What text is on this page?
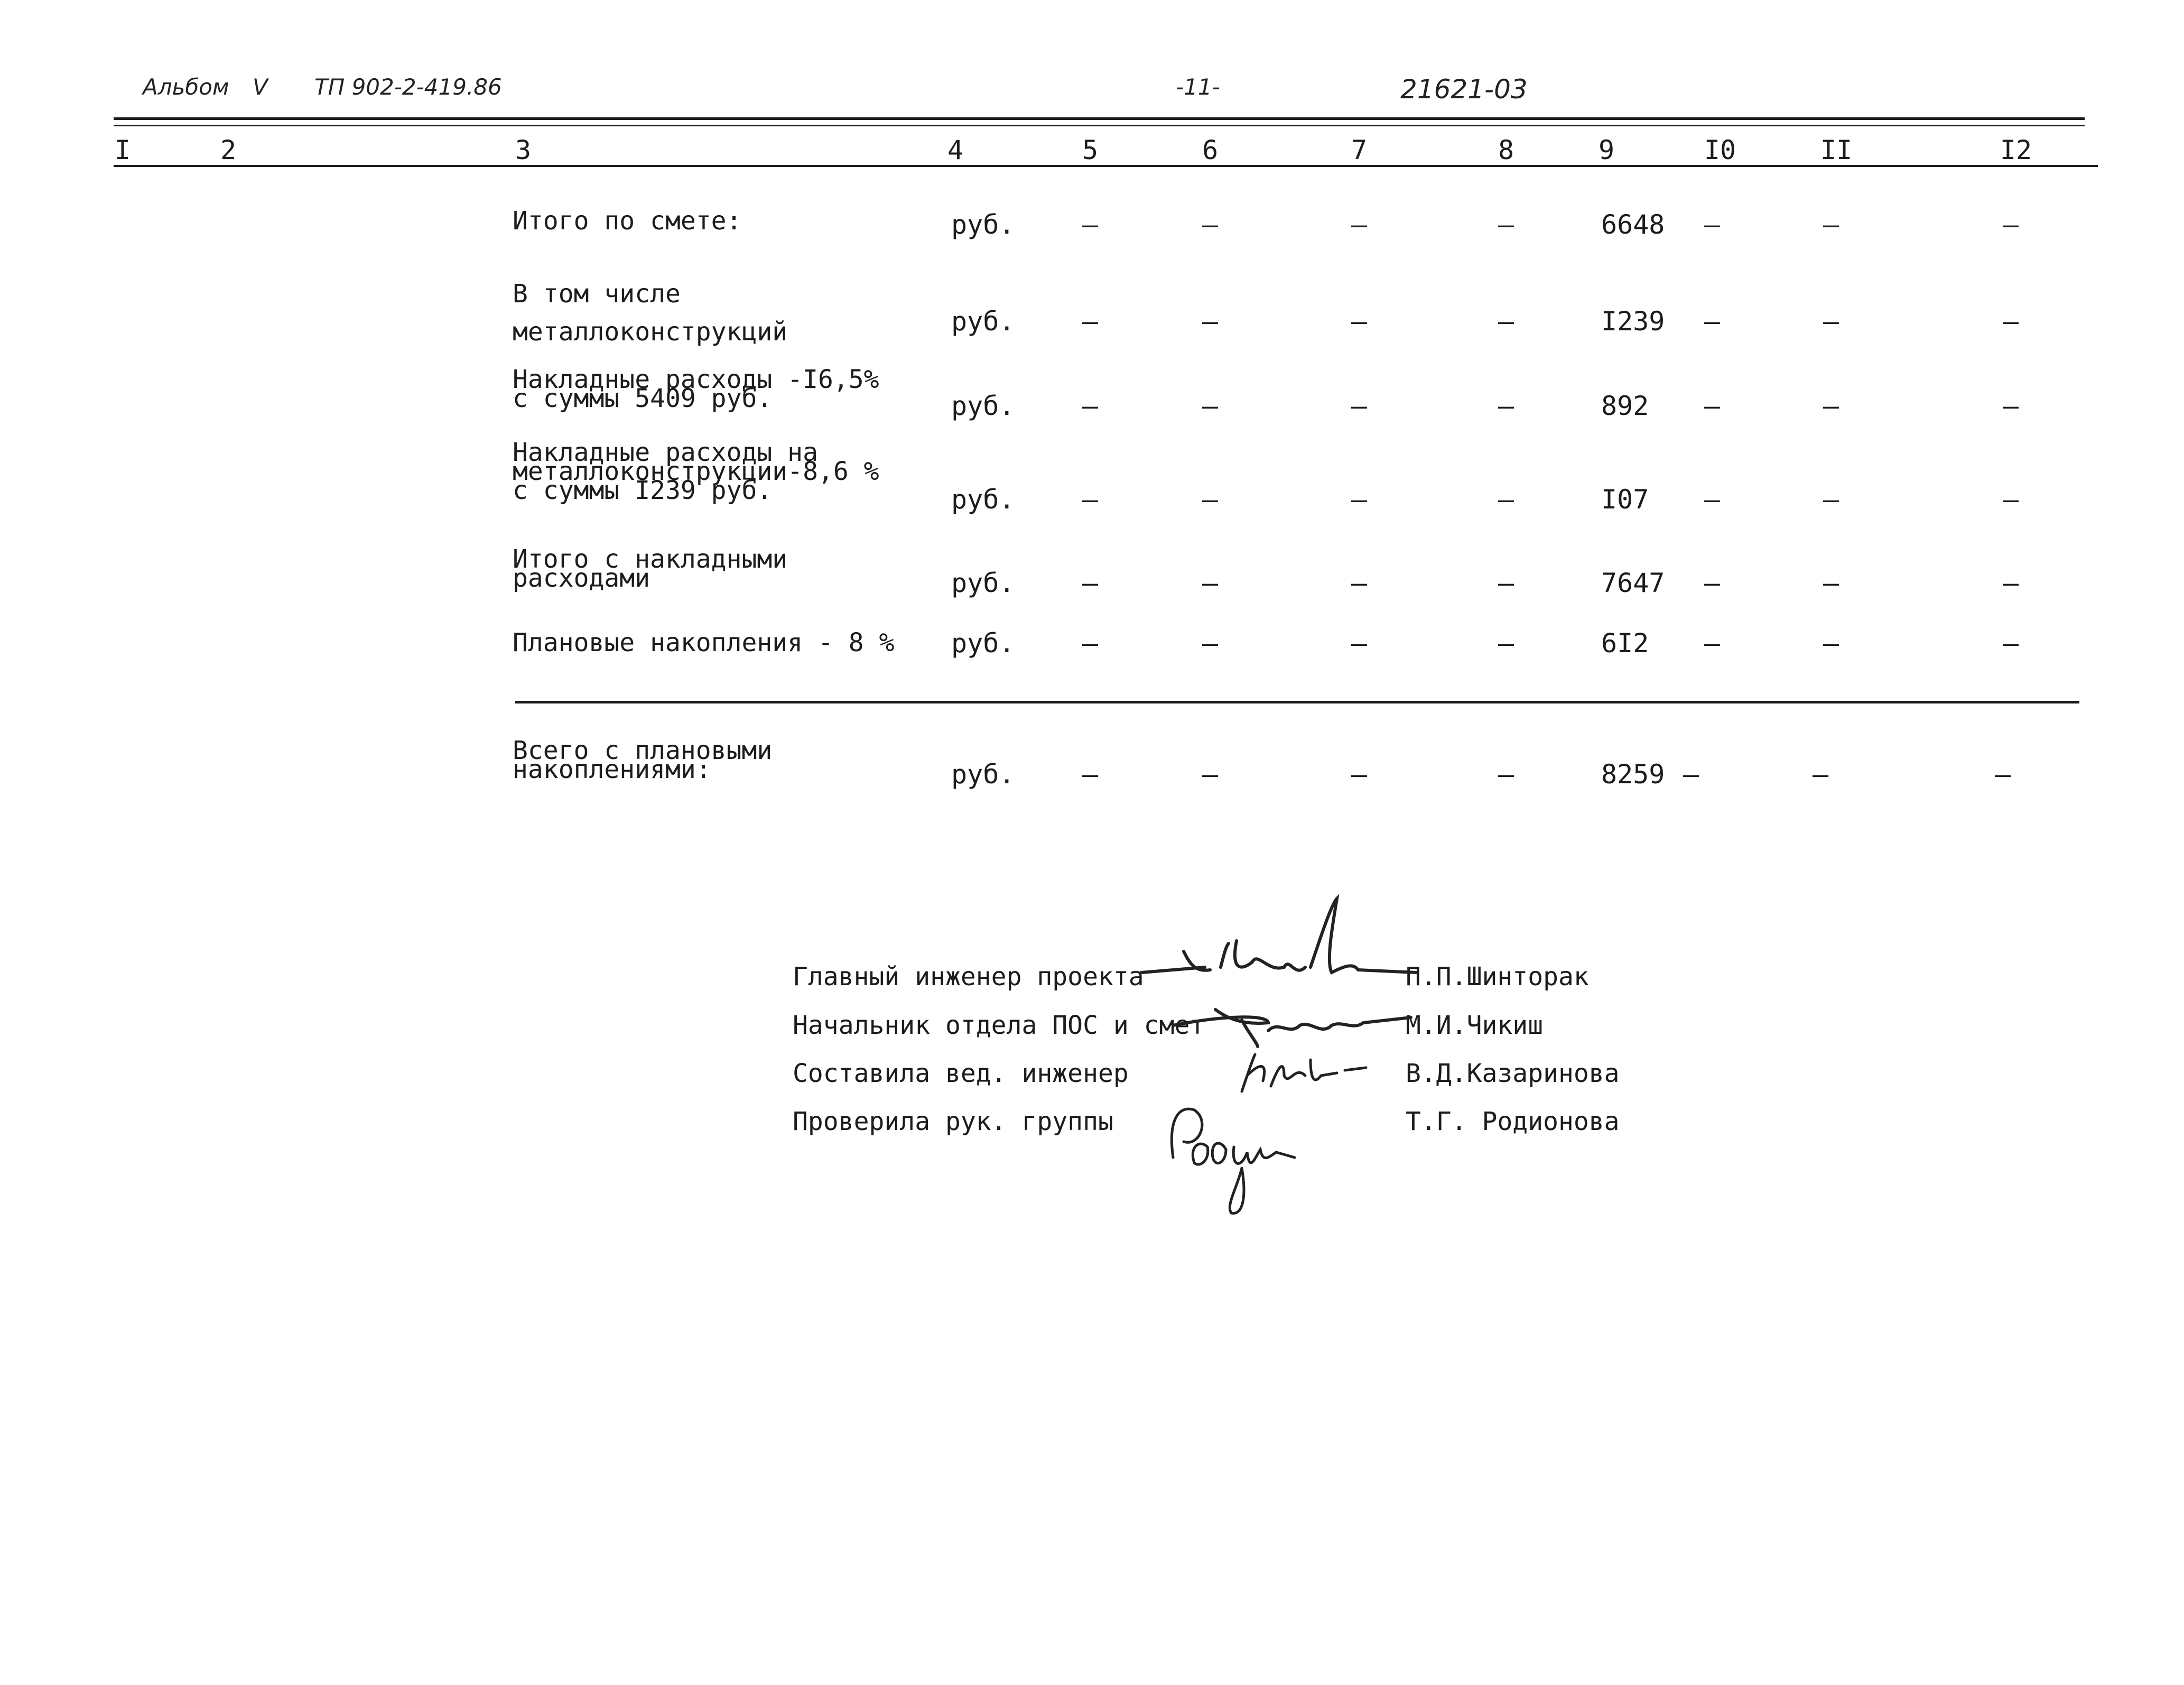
Альбом V ТП 902-2-419.86	-11-	21621-03
I	2	3	4	5	6	7	8	9	I0	II	I2
Итого по смете:	руб.	–	–	–	–	6648 –	–	–
В том числе
металлоконструкций	руб.	–	–	–	–	I239 –	–	–
Накладные расходы -I6,5%
с суммы 5409 руб.	руб.	–	–	–	–	892 –	–	–
Накладные расходы на
металлоконструкции-8,6 %
с суммы I239 руб.	руб.	–	–	–	–	I07 –	–	–
Итого с накладными
расходами	руб.	–	–	–	–	7647 –	–	–
Плановые накопления - 8 % руб.	–	–	–	–	6I2 –	–	–
Всего с плановыми
накоплениями:	руб.	–	–	–	–	8259 –	–	–
Главный инженер проекта	П.П.Шинторак
Начальник отдела ПОС и смет	М.И.Чикиш
Составила вед. инженер	В.Д.Казаринова
Проверила рук. группы	Т.Г. Родионова
